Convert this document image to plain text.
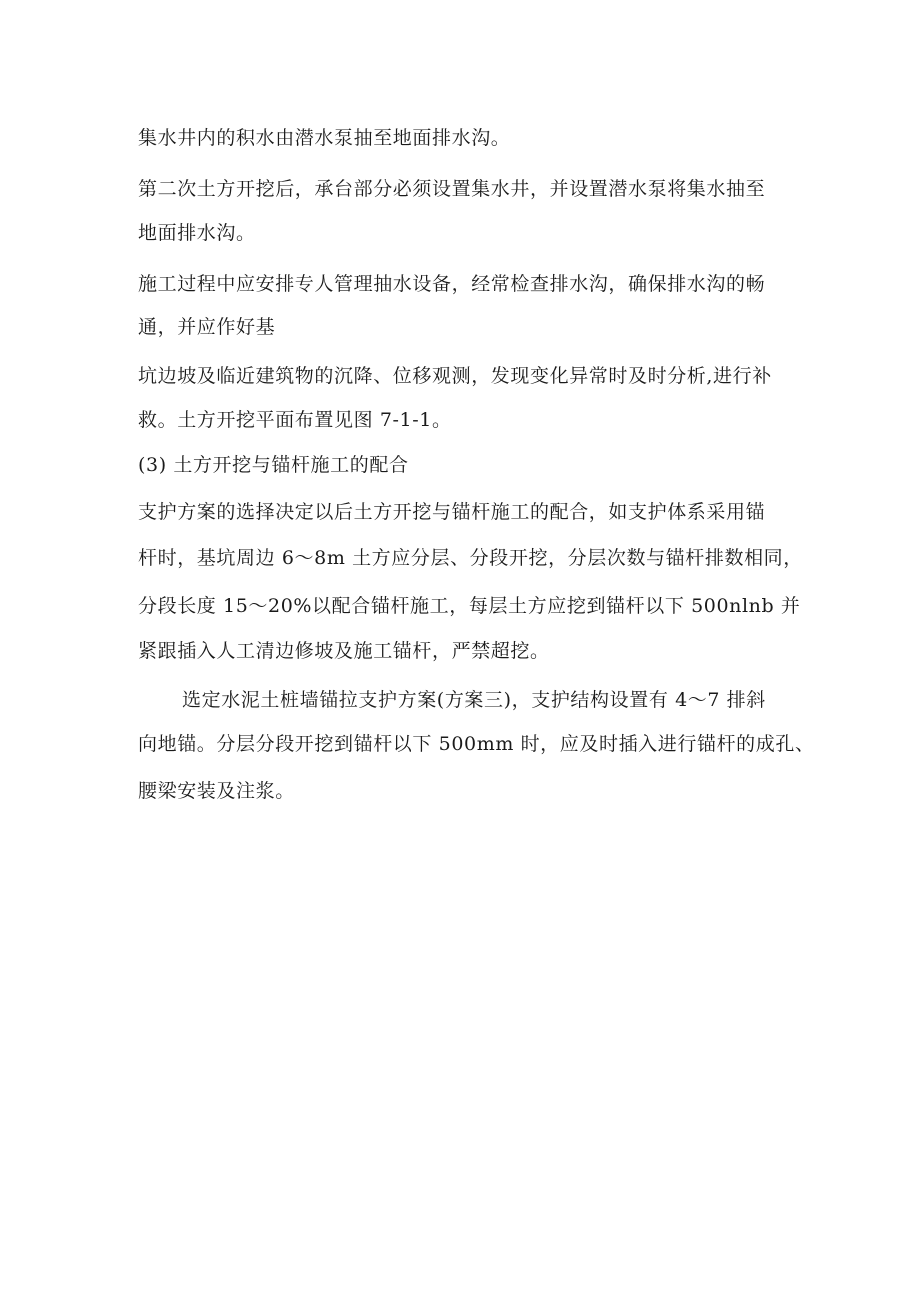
集水井内的积水由潜水泵抽至地面排水沟。
第二次土方开挖后，承台部分必须设置集水井，并设置潜水泵将集水抽至
地面排水沟。
施工过程中应安排专人管理抽水设备，经常检查排水沟，确保排水沟的畅
通，并应作好基
坑边坡及临近建筑物的沉降、位移观测，发现变化异常时及时分析,进行补
救。土方开挖平面布置见图 7-1-1。
(3) 土方开挖与锚杆施工的配合
支护方案的选择决定以后土方开挖与锚杆施工的配合，如支护体系采用锚
杆时，基坑周边 6～8m 土方应分层、分段开挖，分层次数与锚杆排数相同，
分段长度 15～20%以配合锚杆施工，每层土方应挖到锚杆以下 500nlnb 并
紧跟插入人工清边修坡及施工锚杆，严禁超挖。
选定水泥土桩墙锚拉支护方案(方案三)，支护结构设置有 4～7 排斜
向地锚。分层分段开挖到锚杆以下 500mm 时，应及时插入进行锚杆的成孔、
腰梁安装及注浆。
